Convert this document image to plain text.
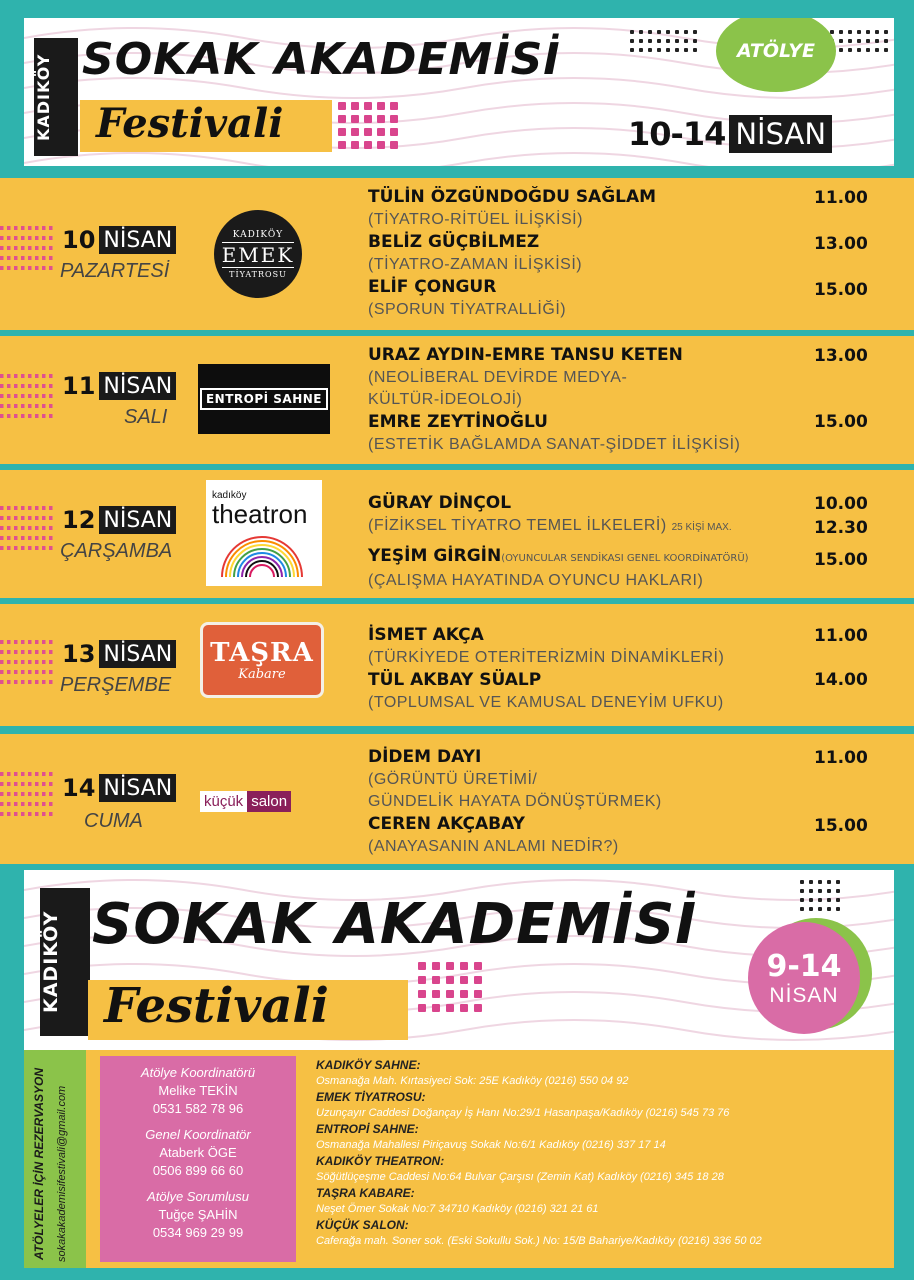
KADIKÖY SOKAK AKADEMİSİ
Festivali
ATÖLYE
10-14 NİSAN
10 NİSAN
PAZARTESİ
KADIKÖY
EMEK
TİYATROSU
TÜLİN ÖZGÜNDOĞDU SAĞLAM
(TİYATRO-RİTÜEL İLİŞKİSİ)
BELİZ GÜÇBİLMEZ
(TİYATRO-ZAMAN İLİŞKİSİ)
ELİF ÇONGUR
(SPORUN TİYATRALLİĞİ)
11.00
13.00
15.00
11 NİSAN
SALI
ENTROPİ SAHNE
URAZ AYDIN-EMRE TANSU KETEN
(NEOLİBERAL DEVİRDE MEDYA-
KÜLTÜR-İDEOLOJİ)
EMRE ZEYTİNOĞLU
(ESTETİK BAĞLAMDA SANAT-ŞİDDET İLİŞKİSİ)
13.00
15.00
12 NİSAN
ÇARŞAMBA
kadıköy
theatron	GÜRAY DİNÇOL
(FİZİKSEL TİYATRO TEMEL İLKELERİ) 25 KİŞİ MAX.
YEŞİM GİRGİN(OYUNCULAR SENDİKASI GENEL KOORDİNATÖRÜ)
(ÇALIŞMA HAYATINDA OYUNCU HAKLARI)
10.00
12.30
15.00
13 NİSAN
PERŞEMBE
TAŞRA
Kabare
İSMET AKÇA
(TÜRKİYEDE OTERİTERİZMİN DİNAMİKLERİ)
TÜL AKBAY SÜALP
(TOPLUMSAL VE KAMUSAL DENEYİM UFKU)
11.00
14.00
14 NİSAN
CUMA
küçük salon
DİDEM DAYI
(GÖRÜNTÜ ÜRETİMİ/
GÜNDELİK HAYATA DÖNÜŞTÜRMEK)
CEREN AKÇABAY
(ANAYASANIN ANLAMI NEDİR?)
11.00
15.00
KADIKÖY SOKAK AKADEMİSİ
Festivali
9-14
NİSAN
ATÖLYELER İÇİN REZERVASYON sokakakademisifestivali@gmail.com
Atölye Koordinatörü
Melike TEKİN
0531 582 78 96
Genel Koordinatör
Ataberk ÖGE
0506 899 66 60
Atölye Sorumlusu
Tuğçe ŞAHİN
0534 969 29 99
KADIKÖY SAHNE:
Osmanağa Mah. Kırtasiyeci Sok: 25E Kadıköy (0216) 550 04 92
EMEK TİYATROSU:
Uzunçayır Caddesi Doğançay İş Hanı No:29/1 Hasanpaşa/Kadıköy (0216) 545 73 76
ENTROPİ SAHNE:
Osmanağa Mahallesi Piriçavuş Sokak No:6/1 Kadıköy (0216) 337 17 14
KADIKÖY THEATRON:
Söğütlüçeşme Caddesi No:64 Bulvar Çarşısı (Zemin Kat) Kadıköy (0216) 345 18 28
TAŞRA KABARE:
Neşet Ömer Sokak No:7 34710 Kadıköy (0216) 321 21 61
KÜÇÜK SALON:
Caferağa mah. Soner sok. (Eski Sokullu Sok.) No: 15/B Bahariye/Kadıköy (0216) 336 50 02
